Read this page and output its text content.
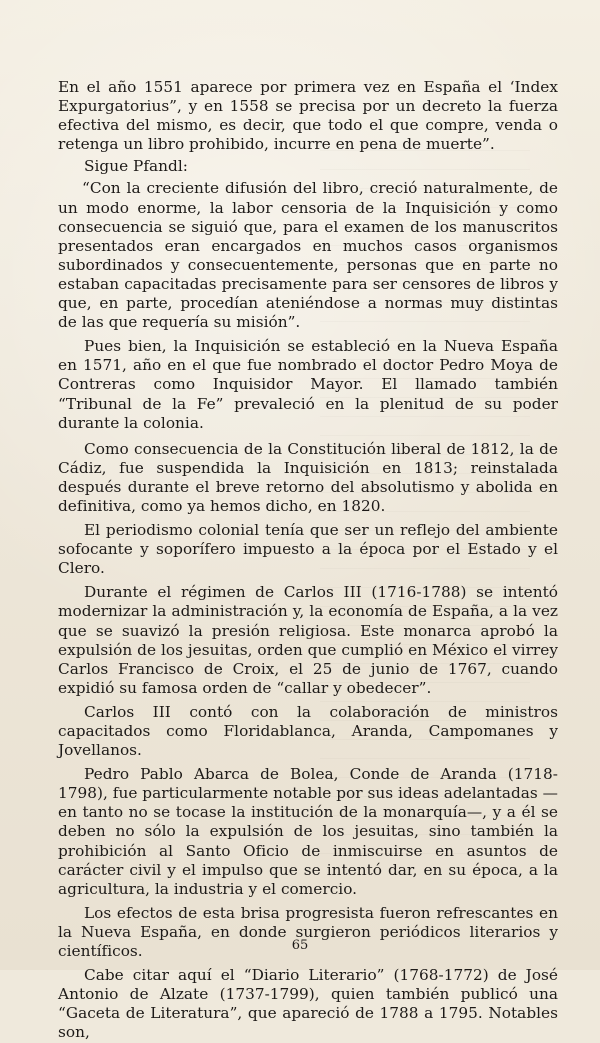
En el año 1551 aparece por primera vez en España el ‘Index Expurgatorius”, y en 1558 se precisa por un decreto la fuerza efectiva del mismo, es decir, que todo el que compre, venda o retenga un libro prohibido, incurre en pena de muerte”.

Sigue Pfandl:

“Con la creciente difusión del libro, creció naturalmente, de un modo enorme, la labor censoria de la Inquisición y como consecuencia se siguió que, para el examen de los manuscritos presentados eran encargados en muchos casos organismos subordinados y consecuentemente, personas que en parte no estaban capacitadas precisamente para ser censores de libros y que, en parte, procedían ateniéndose a normas muy distintas de las que requería su misión”.

Pues bien, la Inquisición se estableció en la Nueva España en 1571, año en el que fue nombrado el doctor Pedro Moya de Contreras como Inquisidor Mayor. El llamado también “Tribunal de la Fe” prevaleció en la plenitud de su poder durante la colonia.

Como consecuencia de la Constitución liberal de 1812, la de Cádiz, fue suspendida la Inquisición en 1813; reinstalada después durante el breve retorno del absolutismo y abolida en definitiva, como ya hemos dicho, en 1820.

El periodismo colonial tenía que ser un reflejo del ambiente sofocante y soporífero impuesto a la época por el Estado y el Clero.

Durante el régimen de Carlos III (1716-1788) se intentó modernizar la administración y, la economía de España, a la vez que se suavizó la presión religiosa. Este monarca aprobó la expulsión de los jesuitas, orden que cumplió en México el virrey Carlos Francisco de Croix, el 25 de junio de 1767, cuando expidió su famosa orden de “callar y obedecer”.

Carlos III contó con la colaboración de ministros capacitados como Floridablanca, Aranda, Campomanes y Jovellanos.

Pedro Pablo Abarca de Bolea, Conde de Aranda (1718-1798), fue particularmente notable por sus ideas adelantadas —en tanto no se tocase la institución de la monarquía—, y a él se deben no sólo la expulsión de los jesuitas, sino también la prohibición al Santo Oficio de inmiscuirse en asuntos de carácter civil y el impulso que se intentó dar, en su época, a la agricultura, la industria y el comercio.

Los efectos de esta brisa progresista fueron refrescantes en la Nueva España, en donde surgieron periódicos literarios y científicos.

Cabe citar aquí el “Diario Literario” (1768-1772) de José Antonio de Alzate (1737-1799), quien también publicó una “Gaceta de Literatura”, que apareció de 1788 a 1795. Notables son,

65
